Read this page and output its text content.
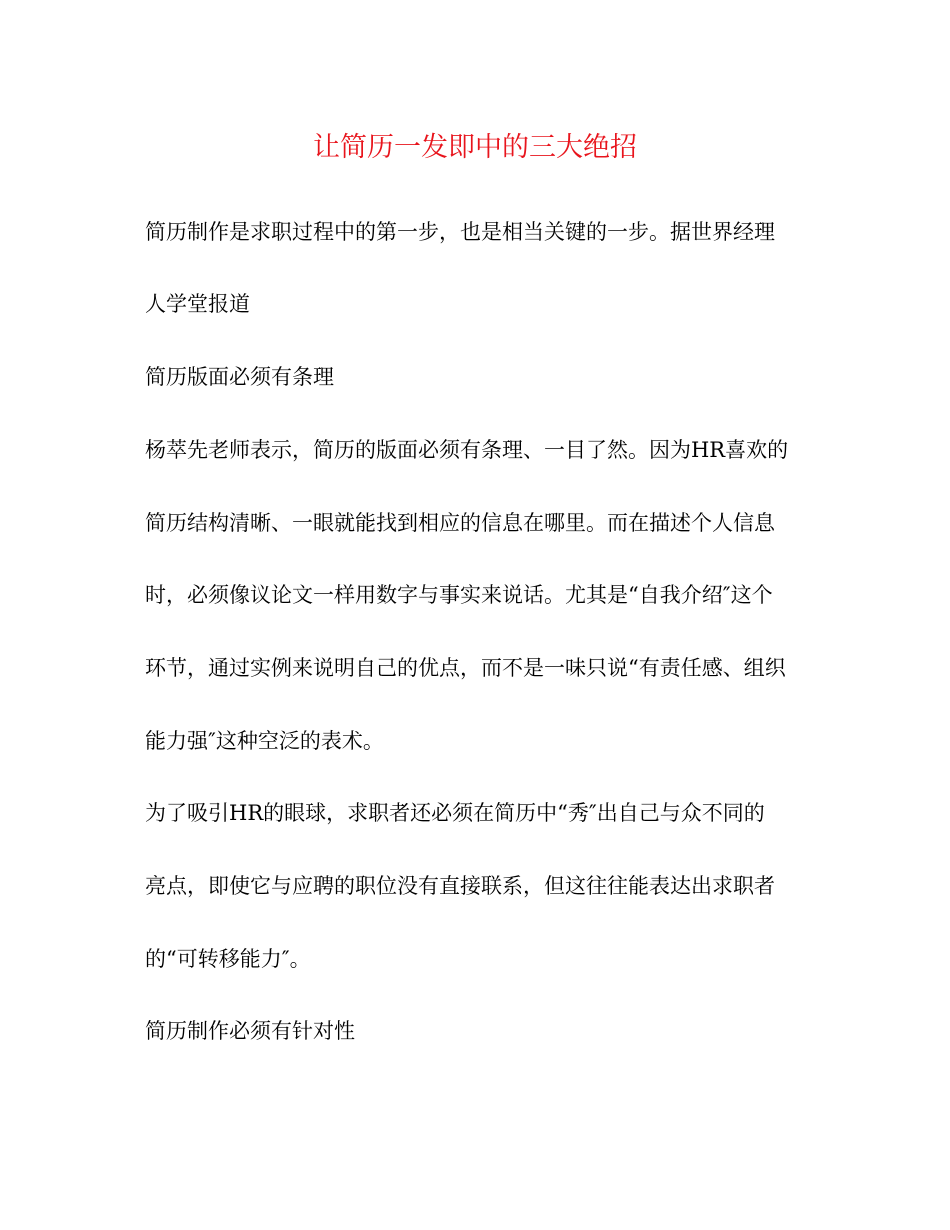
让简历一发即中的三大绝招
简历制作是求职过程中的第一步，也是相当关键的一步。据世界经理
人学堂报道
简历版面必须有条理
杨萃先老师表示，简历的版面必须有条理、一目了然。因为HR喜欢的
简历结构清晰、一眼就能找到相应的信息在哪里。而在描述个人信息
时，必须像议论文一样用数字与事实来说话。尤其是“自我介绍″这个
环节，通过实例来说明自己的优点，而不是一味只说“有责任感、组织
能力强″这种空泛的表术。
为了吸引HR的眼球，求职者还必须在简历中“秀″出自己与众不同的
亮点，即使它与应聘的职位没有直接联系，但这往往能表达出求职者
的“可转移能力″。
简历制作必须有针对性
